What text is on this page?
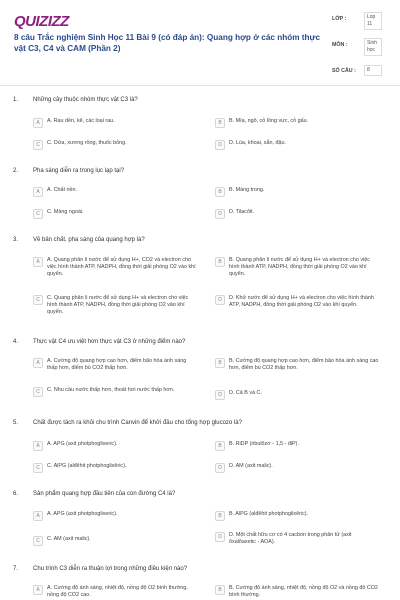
QUIZIZZ
8 câu Trắc nghiệm Sinh Học 11 Bài 9 (có đáp án): Quang hợp ở các nhóm thực vật C3, C4 và CAM (Phần 2)
LỚP :	Lop 11
MÔN :	Sinh học
SỐ CÂU :	8
1. Những cây thuộc nhóm thực vật C3 là?
A	A. Rau dền, kê, các loại rau.	B	B. Mía, ngô, cỏ lồng vực, cỏ gấu.
C	C. Dứa, xương rồng, thuốc bỏng.	D	D. Lúa, khoai, sắn, đậu.
2. Pha sáng diễn ra trong lục lạp tại?
A	A. Chất nền.	B	B. Màng trong.
C	C. Màng ngoài.	D	D. Tilacôit.
3. Về bản chất, pha sáng của quang hợp là?
A	A. Quang phân li nước để sử dụng H+, CO2 và electron cho việc hình thành ATP, NADPH, đồng thời giải phóng O2 vào khí quyển.
B	B. Quang phân li nước để sử dụng H+ và electron cho việc hình thành ATP, NADPH, đồng thời giải phóng O2 vào khí quyển.
C	C. Quang phân li nước để sử dụng H+ và electron cho việc hình thành ATP, NADPH, đồng thời giải phóng O2 vào khí quyển.
D	D. Khử nước để sử dụng H+ và electron cho việc hình thành ATP, NADPH, đồng thời giải phóng O2 vào khí quyển.
4. Thực vật C4 ưu việt hơn thực vật C3 ở những điểm nào?
A	A. Cường độ quang hợp cao hơn, điểm bão hòa ánh sáng thấp hơn, điểm bù CO2 thấp hơn.
B	B. Cường độ quang hợp cao hơn, điểm bão hòa ánh sáng cao hơn, điểm bù CO2 thấp hơn.
C	C. Nhu cầu nước thấp hơn, thoát hơi nước thấp hơn.
D	D. Cả B và C.
5. Chất được tách ra khỏi chu trình Canvin để khởi đầu cho tổng hợp glucozo là?
A	A. APG (axit photphoglixeric).	B	B. RiDP (ribulôzơ - 1,5 - điP).
C	C. AlPG (alđêhit photphoglixêric).	D	D. AM (axit malic).
6. Sản phẩm quang hợp đầu tiên của con đường C4 là?
A	A. APG (axit photphoglixeric).	B	B. AlPG (alđêhit photphoglixêric).
C	C. AM (axit malic).	D	D. Một chất hữu cơ có 4 cacbon trong phân tử (axit ôxalôaxetic - AOA).
7. Chu trình C3 diễn ra thuận lợi trong những điều kiện nào?
A	A. Cường độ ánh sáng, nhiệt độ, nồng độ O2 bình thường, nồng độ CO2 cao.
B	B. Cường độ ánh sáng, nhiệt độ, nồng độ O2 và nồng độ CO2 bình thường.
